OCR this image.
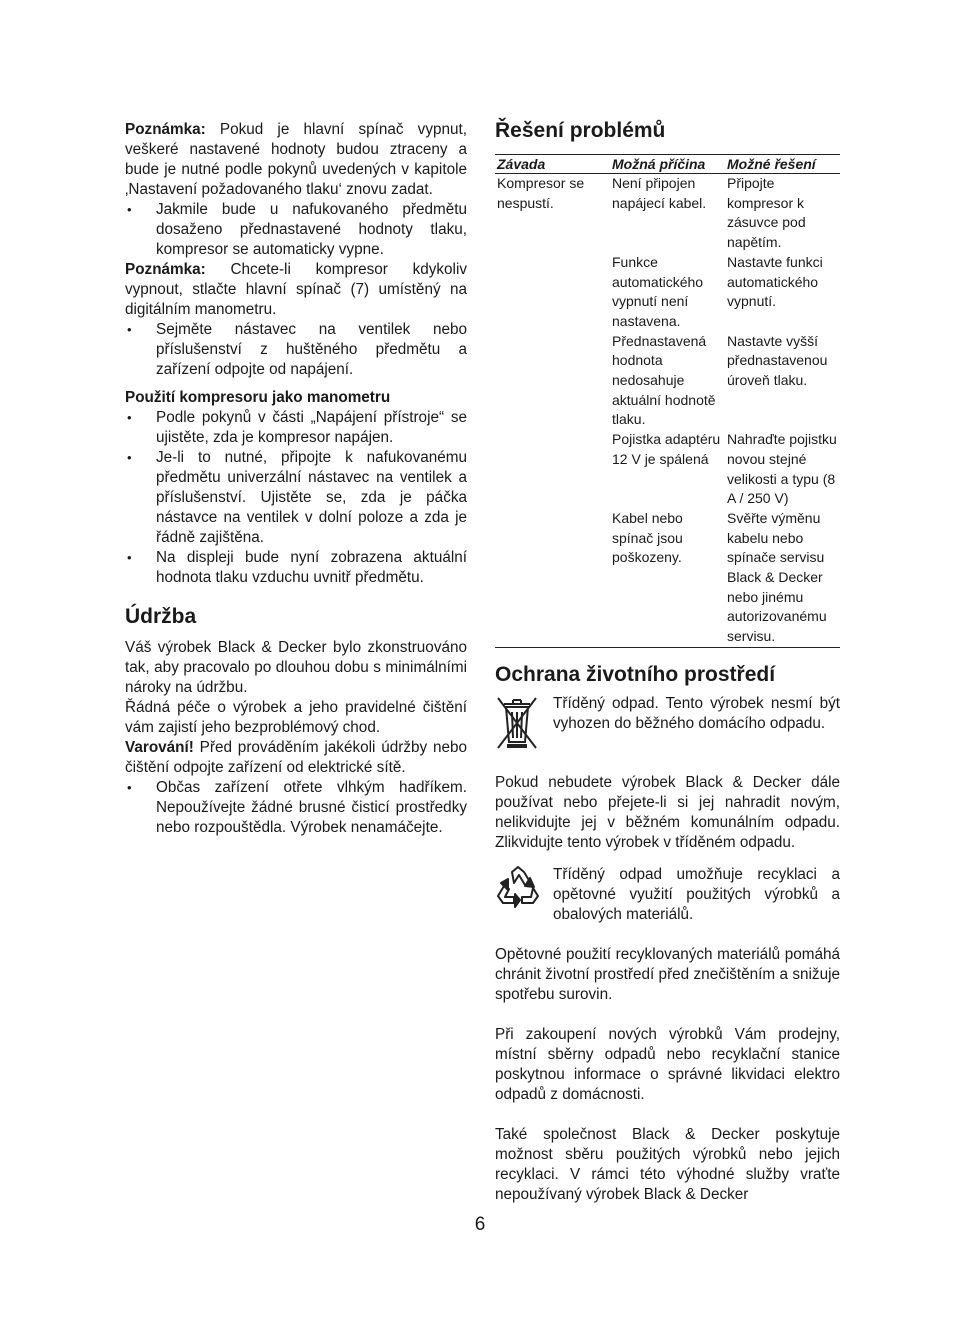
Poznámka: Pokud je hlavní spínač vypnut, veškeré nastavené hodnoty budou ztraceny a bude je nutné podle pokynů uvedených v kapitole ‚Nastavení požadovaného tlaku‘ znovu zadat.

• Jakmile bude u nafukovaného předmětu dosaženo přednastavené hodnoty tlaku, kompresor se automaticky vypne.

Poznámka: Chcete-li kompresor kdykoliv vypnout, stlačte hlavní spínač (7) umístěný na digitálním manometru.

• Sejměte nástavec na ventilek nebo příslušenství z huštěného předmětu a zařízení odpojte od napájení.
Použití kompresoru jako manometru
• Podle pokynů v části „Napájení přístroje“ se ujistěte, zda je kompresor napájen.
• Je-li to nutné, připojte k nafukovanému předmětu univerzální nástavec na ventilek a příslušenství. Ujistěte se, zda je páčka nástavce na ventilek v dolní poloze a zda je řádně zajištěna.
• Na displeji bude nyní zobrazena aktuální hodnota tlaku vzduchu uvnitř předmětu.
Údržba

Váš výrobek Black & Decker bylo zkonstruováno tak, aby pracovalo po dlouhou dobu s minimálními nároky na údržbu.

Řádná péče o výrobek a jeho pravidelné čištění vám zajistí jeho bezproblémový chod.

Varování! Před prováděním jakékoli údržby nebo čištění odpojte zařízení od elektrické sítě.

• Občas zařízení otřete vlhkým hadříkem. Nepoužívejte žádné brusné čisticí prostředky nebo rozpouštědla. Výrobek nenamáčejte.
Řešení problémů
Závada	Možná příčina	Možné řešení
Kompresor se nespustí.	Není připojen napájecí kabel.	Připojte kompresor k zásuvce pod napětím.
	Funkce automatického vypnutí není nastavena.	Nastavte funkci automatického vypnutí.
	Přednastavená hodnota nedosahuje aktuální hodnotě tlaku.	Nastavte vyšší přednastavenou úroveň tlaku.
	Pojistka adaptéru 12 V je spálená	Nahraďte pojistku novou stejné velikosti a typu (8 A / 250 V)
	Kabel nebo spínač jsou poškozeny.	Svěřte výměnu kabelu nebo spínače servisu Black & Decker nebo jinému autorizovanému servisu.
Ochrana životního prostředí
Tříděný odpad. Tento výrobek nesmí být vyhozen do běžného domácího odpadu.

Pokud nebudete výrobek Black & Decker dále používat nebo přejete-li si jej nahradit novým, nelikvidujte jej v běžném komunálním odpadu. Zlikvidujte tento výrobek v tříděném odpadu.

Tříděný odpad umožňuje recyklaci a opětovné využití použitých výrobků a obalových materiálů.

Opětovné použití recyklovaných materiálů pomáhá chránit životní prostředí před znečištěním a snižuje spotřebu surovin.

Při zakoupení nových výrobků Vám prodejny, místní sběrny odpadů nebo recyklační stanice poskytnou informace o správné likvidaci elektro odpadů z domácnosti.

Také společnost Black & Decker poskytuje možnost sběru použitých výrobků nebo jejich recyklaci. V rámci této výhodné služby vraťte nepoužívaný výrobek Black & Decker

6
